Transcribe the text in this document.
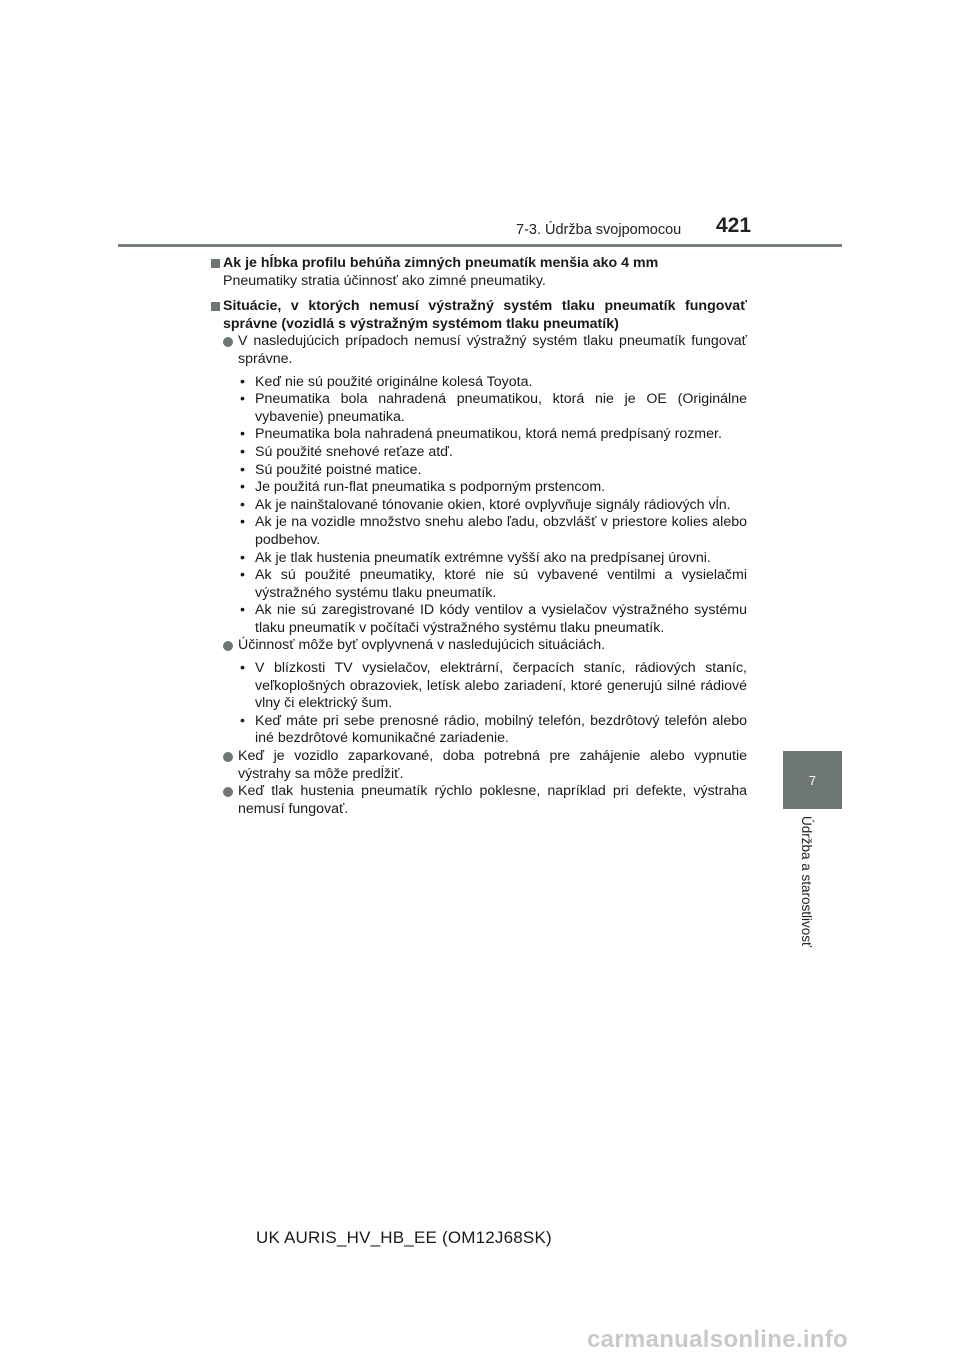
7-3. Údržba svojpomocou 421
7
Údržba a starostlivosť

Ak je hĺbka profilu behúňa zimných pneumatík menšia ako 4 mm

Pneumatiky stratia účinnosť ako zimné pneumatiky.

Situácie, v ktorých nemusí výstražný systém tlaku pneumatík fungovať správne (vozidlá s výstražným systémom tlaku pneumatík)

V nasledujúcich prípadoch nemusí výstražný systém tlaku pneumatík fungovať správne.

• Keď nie sú použité originálne kolesá Toyota.

• Pneumatika bola nahradená pneumatikou, ktorá nie je OE (Originálne vybavenie) pneumatika.

• Pneumatika bola nahradená pneumatikou, ktorá nemá predpísaný rozmer.

• Sú použité snehové reťaze atď.

• Sú použité poistné matice.

• Je použitá run-flat pneumatika s podporným prstencom.

• Ak je nainštalované tónovanie okien, ktoré ovplyvňuje signály rádiových vĺn.

• Ak je na vozidle množstvo snehu alebo ľadu, obzvlášť v priestore kolies alebo podbehov.

• Ak je tlak hustenia pneumatík extrémne vyšší ako na predpísanej úrovni.

• Ak sú použité pneumatiky, ktoré nie sú vybavené ventilmi a vysielačmi výstražného systému tlaku pneumatík.

• Ak nie sú zaregistrované ID kódy ventilov a vysielačov výstražného systému tlaku pneumatík v počítači výstražného systému tlaku pneumatík.

Účinnosť môže byť ovplyvnená v nasledujúcich situáciách.

• V blízkosti TV vysielačov, elektrární, čerpacích staníc, rádiových staníc, veľkoplošných obrazoviek, letísk alebo zariadení, ktoré generujú silné rádiové vlny či elektrický šum.

• Keď máte pri sebe prenosné rádio, mobilný telefón, bezdrôtový telefón alebo iné bezdrôtové komunikačné zariadenie.

Keď je vozidlo zaparkované, doba potrebná pre zahájenie alebo vypnutie výstrahy sa môže predĺžiť.

Keď tlak hustenia pneumatík rýchlo poklesne, napríklad pri defekte, výstraha nemusí fungovať.

UK AURIS_HV_HB_EE (OM12J68SK)
carmanualsonline.info
